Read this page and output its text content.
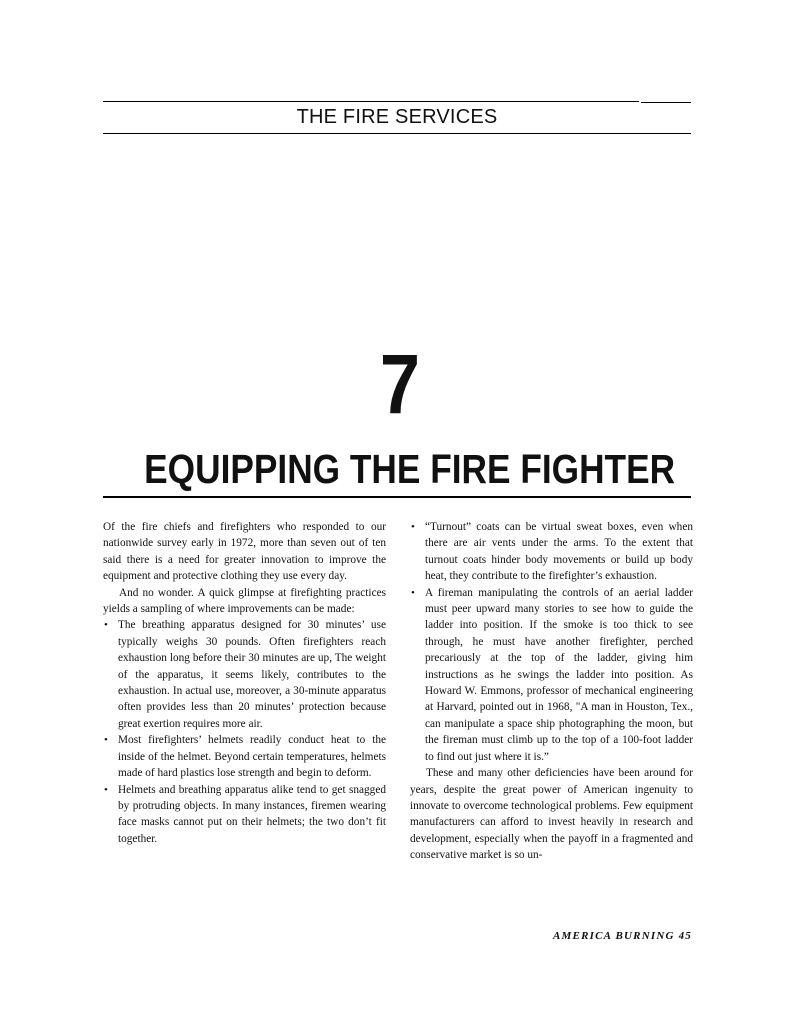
THE FIRE SERVICES
7
EQUIPPING THE FIRE FIGHTER

Of the fire chiefs and firefighters who responded to our nationwide survey early in 1972, more than seven out of ten said there is a need for greater innovation to improve the equipment and protective clothing they use every day.

And no wonder. A quick glimpse at firefighting practices yields a sampling of where improvements can be made:

• The breathing apparatus designed for 30 minutes’ use typically weighs 30 pounds. Often firefighters reach exhaustion long before their 30 minutes are up, The weight of the apparatus, it seems likely, contributes to the exhaustion. In actual use, moreover, a 30-minute apparatus often provides less than 20 minutes’ protection because great exertion requires more air.
• Most firefighters’ helmets readily conduct heat to the inside of the helmet. Beyond certain temperatures, helmets made of hard plastics lose strength and begin to deform.
• Helmets and breathing apparatus alike tend to get snagged by protruding objects. In many instances, firemen wearing face masks cannot put on their helmets; the two don’t fit together.
• “Turnout” coats can be virtual sweat boxes, even when there are air vents under the arms. To the extent that turnout coats hinder body movements or build up body heat, they contribute to the firefighter’s exhaustion.
• A fireman manipulating the controls of an aerial ladder must peer upward many stories to see how to guide the ladder into position. If the smoke is too thick to see through, he must have another firefighter, perched precariously at the top of the ladder, giving him instructions as he swings the ladder into position. As Howard W. Emmons, professor of mechanical engineering at Harvard, pointed out in 1968, "A man in Houston, Tex., can manipulate a space ship photographing the moon, but the fireman must climb up to the top of a 100-foot ladder to find out just where it is.”

These and many other deficiencies have been around for years, despite the great power of American ingenuity to innovate to overcome technological problems. Few equipment manufacturers can afford to invest heavily in research and development, especially when the payoff in a fragmented and conservative market is so un-

AMERICA BURNING 45
